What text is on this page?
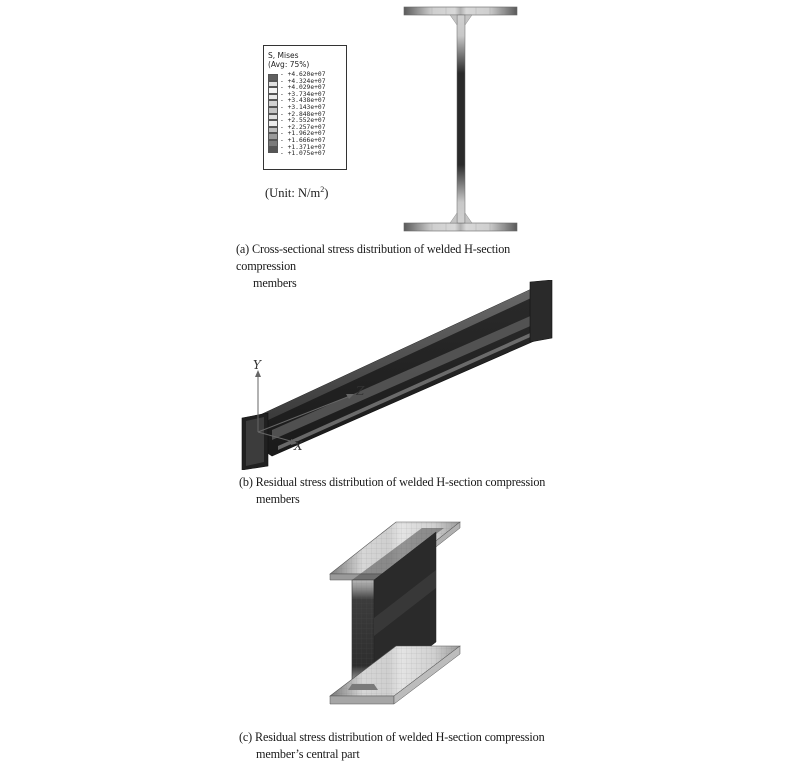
S, Mises
(Avg: 75%)
- +4.620e+07
- +4.324e+07
- +4.029e+07
- +3.734e+07
- +3.438e+07
- +3.143e+07
- +2.848e+07
- +2.552e+07
- +2.257e+07
- +1.962e+07
- +1.666e+07
- +1.371e+07
- +1.075e+07
(Unit: $N/m^2$)
(a) Cross-sectional stress distribution of welded H-section compression
members
Y
Z
X
(b) Residual stress distribution of welded H-section compression
members
(c) Residual stress distribution of welded H-section compression
member’s central part
